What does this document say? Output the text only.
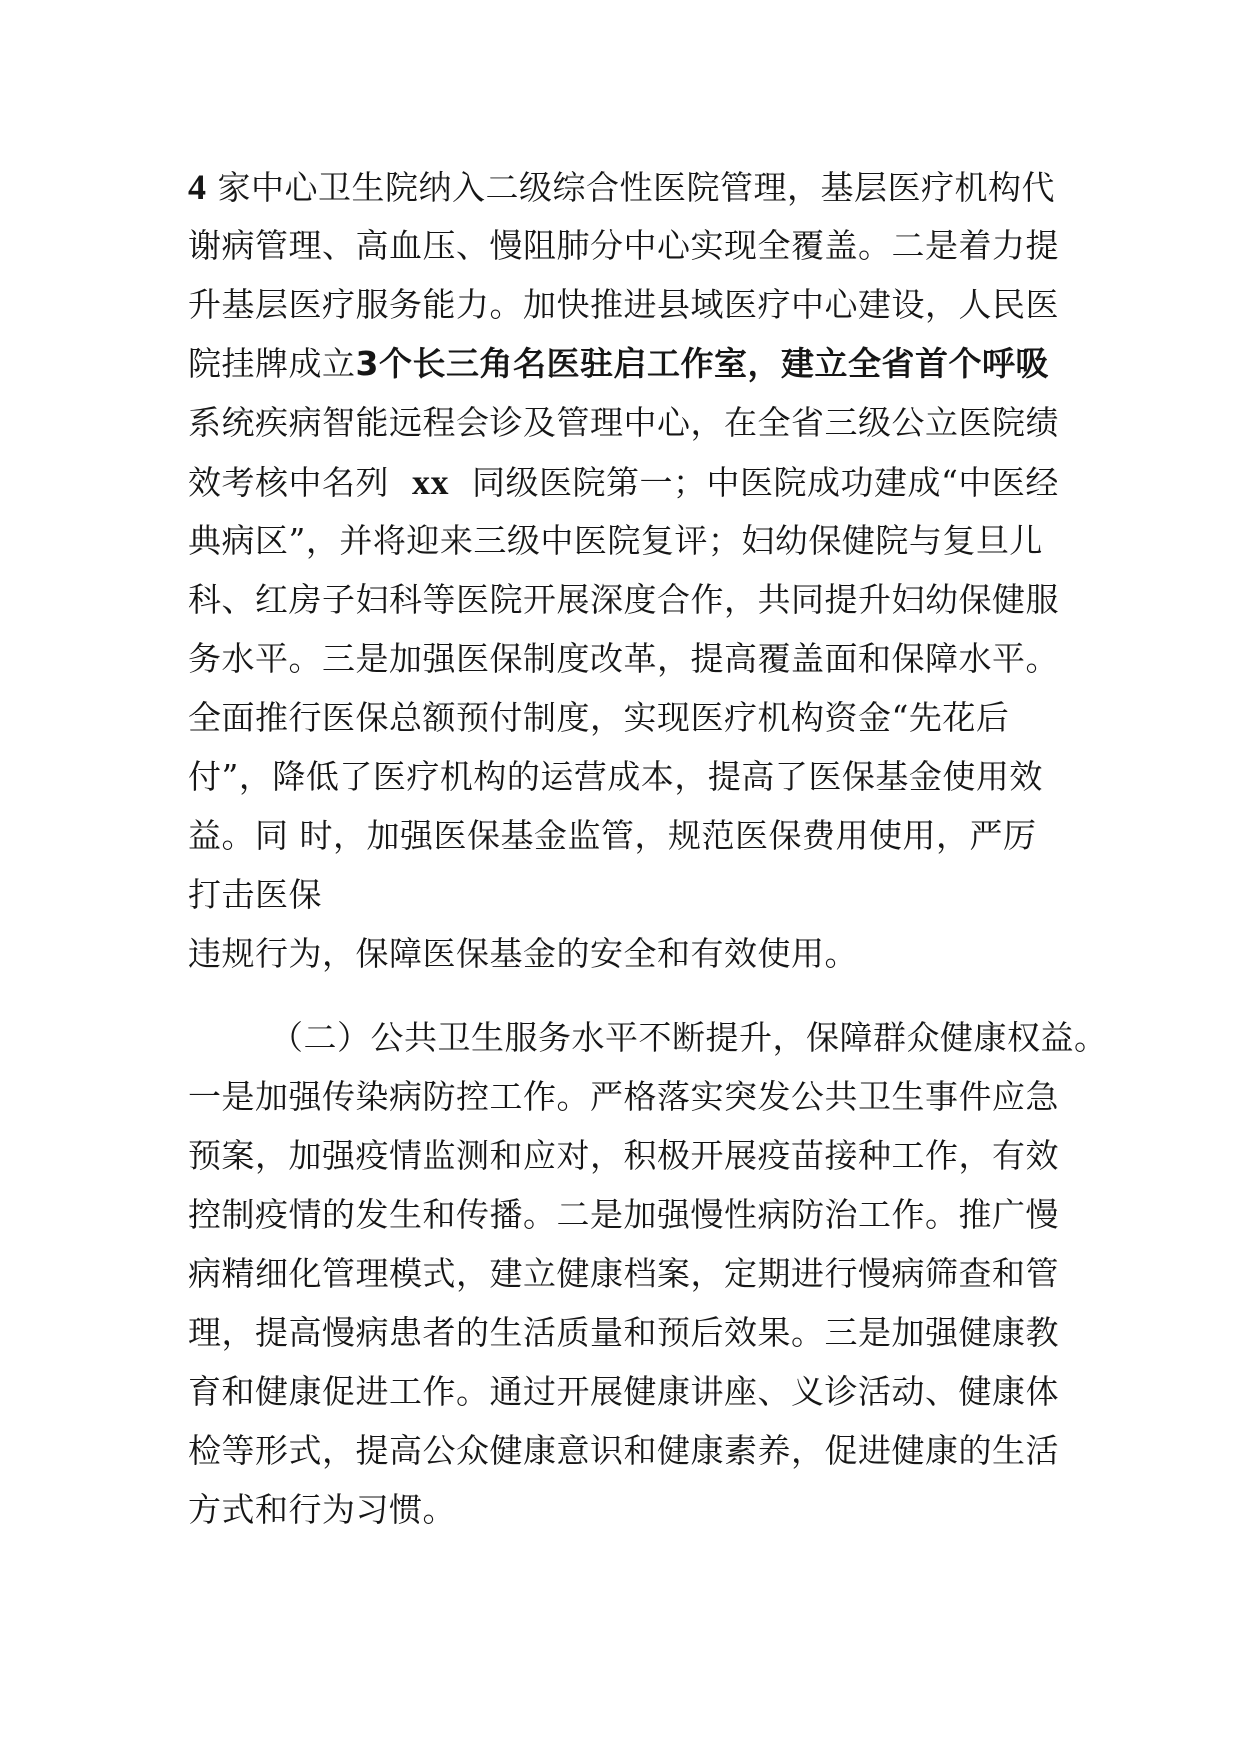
4 家中心卫生院纳入二级综合性医院管理，基层医疗机构代
谢病管理、高血压、慢阻肺分中心实现全覆盖。二是着力提
升基层医疗服务能力。加快推进县域医疗中心建设，人民医
院挂牌成立3个长三角名医驻启工作室，建立全省首个呼吸
系统疾病智能远程会诊及管理中心，在全省三级公立医院绩
效考核中名列 xx 同级医院第一；中医院成功建成“中医经
典病区”，并将迎来三级中医院复评；妇幼保健院与复旦儿
科、红房子妇科等医院开展深度合作，共同提升妇幼保健服
务水平。三是加强医保制度改革，提高覆盖面和保障水平。
全面推行医保总额预付制度，实现医疗机构资金“先花后
付”，降低了医疗机构的运营成本，提高了医保基金使用效
益。同 时，加强医保基金监管，规范医保费用使用，严厉
打击医保
违规行为，保障医保基金的安全和有效使用。
（二）公共卫生服务水平不断提升，保障群众健康权益。
一是加强传染病防控工作。严格落实突发公共卫生事件应急
预案，加强疫情监测和应对，积极开展疫苗接种工作，有效
控制疫情的发生和传播。二是加强慢性病防治工作。推广慢
病精细化管理模式，建立健康档案，定期进行慢病筛查和管
理，提高慢病患者的生活质量和预后效果。三是加强健康教
育和健康促进工作。通过开展健康讲座、义诊活动、健康体
检等形式，提高公众健康意识和健康素养，促进健康的生活
方式和行为习惯。
